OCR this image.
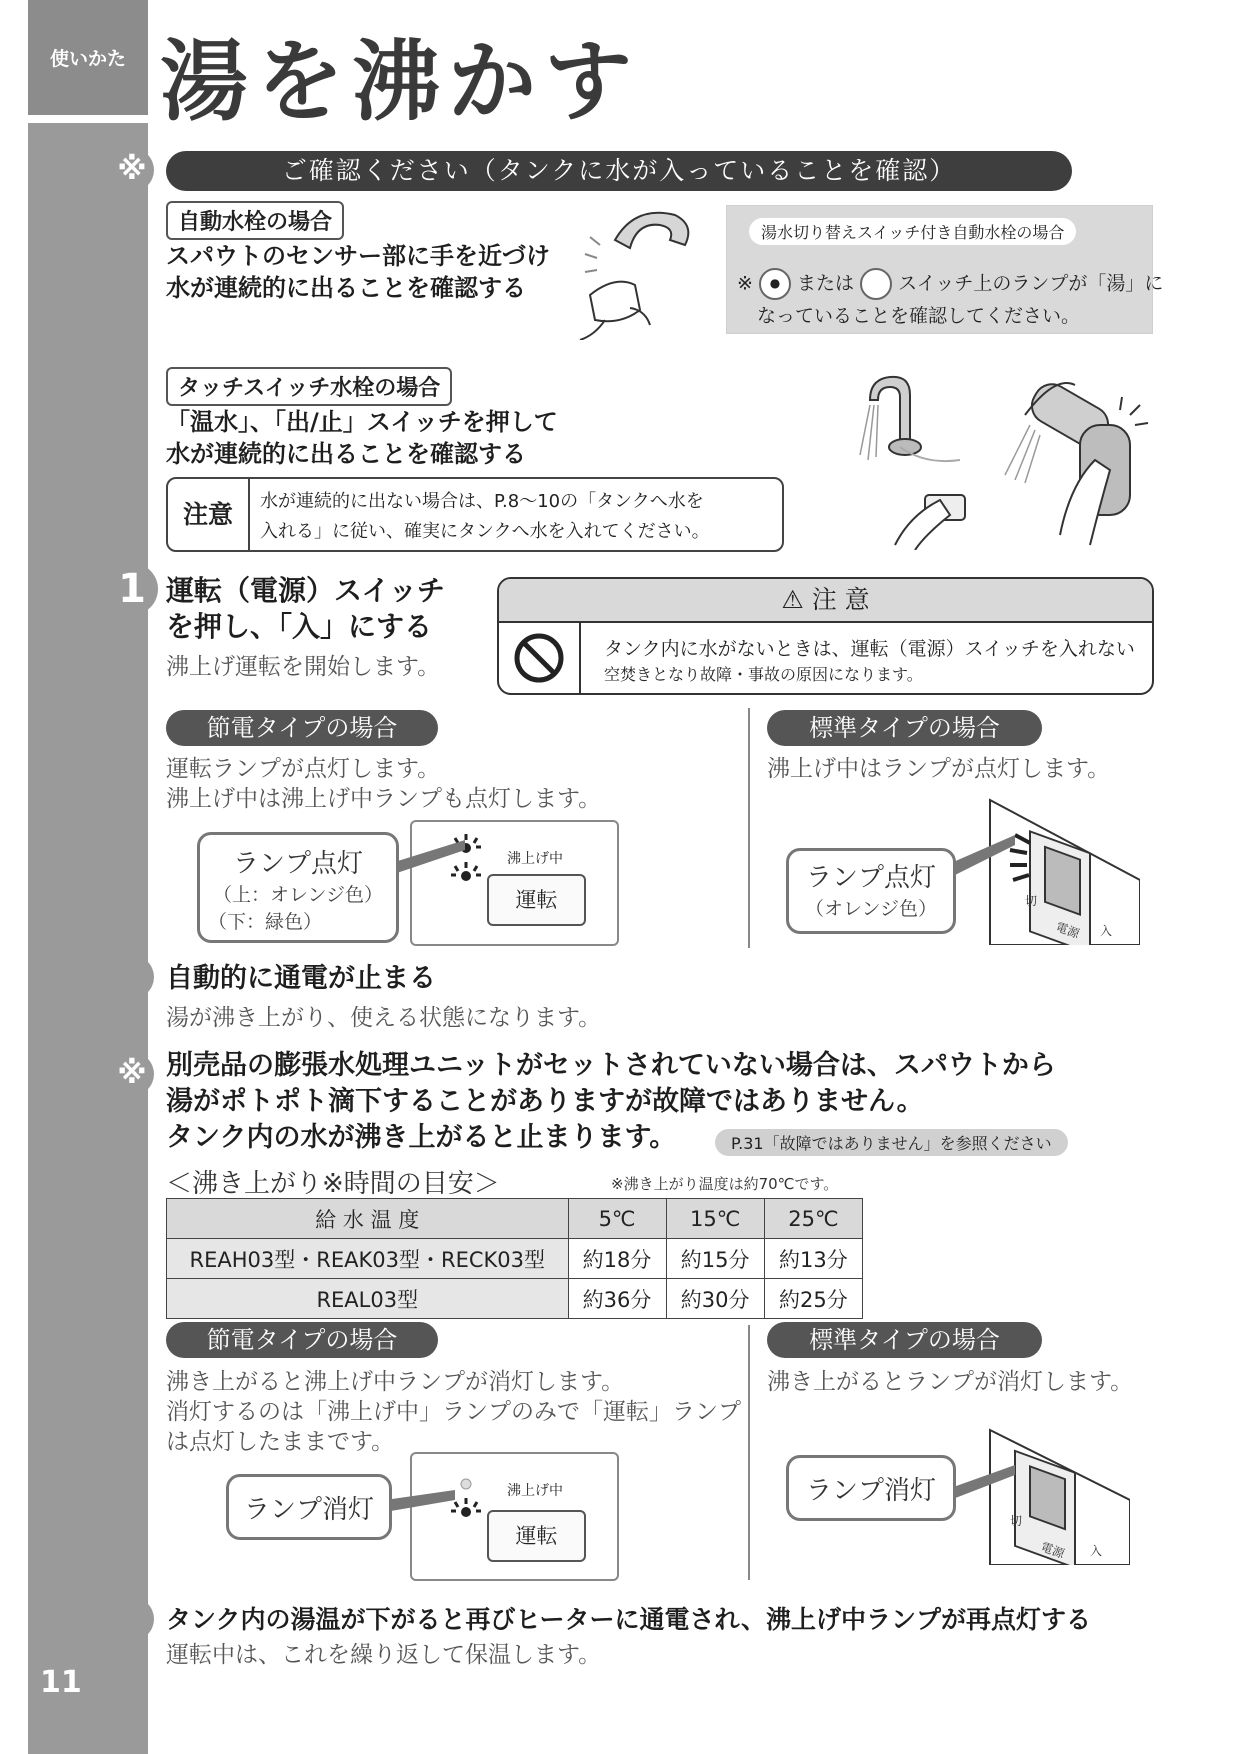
使いかた
11
湯を沸かす
※
1
※
ご確認ください（タンクに水が入っていることを確認）
自動水栓の場合
スパウトのセンサー部に手を近づけ
水が連続的に出ることを確認する
湯水切り替えスイッチ付き自動水栓の場合
※ ● または スイッチ上のランプが「湯」に
なっていることを確認してください。
タッチスイッチ水栓の場合
「温水」、「出/止」スイッチを押して
水が連続的に出ることを確認する
注意	水が連続的に出ない場合は、P.8〜10の「タンクへ水を
入れる」に従い、確実にタンクへ水を入れてください。
運転（電源）スイッチ
を押し、「入」にする
沸上げ運転を開始します。
⚠ 注 意
タンク内に水がないときは、運転（電源）スイッチを入れない
空焚きとなり故障・事故の原因になります。
節電タイプの場合
運転ランプが点灯します。
沸上げ中は沸上げ中ランプも点灯します。
沸上げ中
運転
ランプ点灯
（上：オレンジ色）
（下：緑色）
標準タイプの場合
沸上げ中はランプが点灯します。
電源 入
切
ランプ点灯
（オレンジ色）
自動的に通電が止まる
湯が沸き上がり、使える状態になります。
別売品の膨張水処理ユニットがセットされていない場合は、スパウトから
湯がポトポト滴下することがありますが故障ではありません。
タンク内の水が沸き上がると止まります。	P.31「故障ではありません」を参照ください
＜沸き上がり※時間の目安＞	※沸き上がり温度は約70℃です。
給 水 温 度	5℃	15℃	25℃
REAH03型・REAK03型・RECK03型	約18分	約15分	約13分
REAL03型	約36分	約30分	約25分
節電タイプの場合
沸き上がると沸上げ中ランプが消灯します。
消灯するのは「沸上げ中」ランプのみで「運転」ランプ
は点灯したままです。
沸上げ中
運転
ランプ消灯
標準タイプの場合
沸き上がるとランプが消灯します。
電源 入
切
ランプ消灯
タンク内の湯温が下がると再びヒーターに通電され、沸上げ中ランプが再点灯する
運転中は、これを繰り返して保温します。
